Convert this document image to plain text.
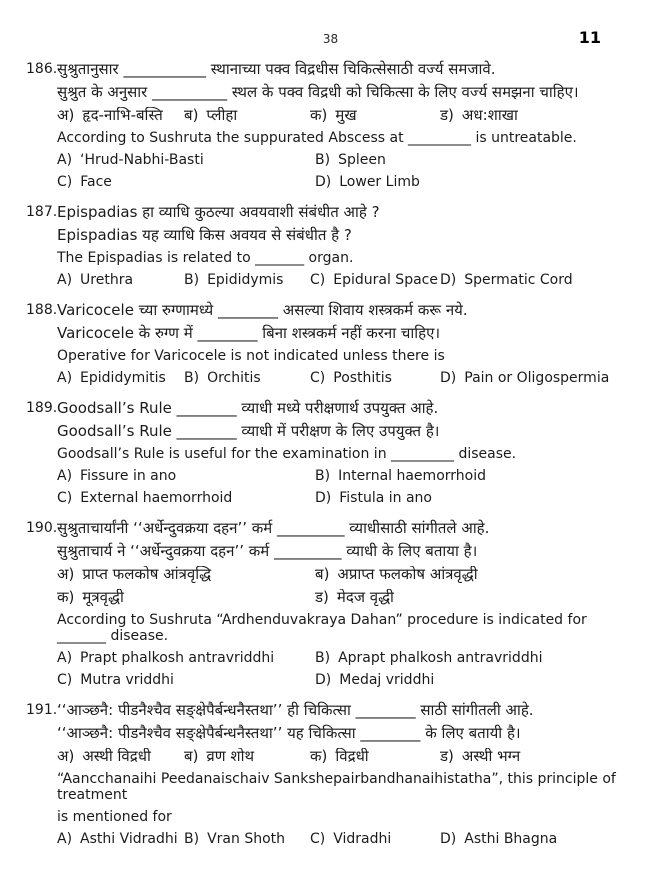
38	11
186. सुश्रुतानुसार ___________ स्थानाच्या पक्व विद्रधीस चिकित्सेसाठी वर्ज्य समजावे.
सुश्रुत के अनुसार __________ स्थल के पक्व विद्रधी को चिकित्सा के लिए वर्ज्य समझना चाहिए।
अ) हृद-नाभि-बस्ति ब) प्लीहा	क) मुख	ड) अध:शाखा
According to Sushruta the suppurated Abscess at _________ is untreatable.
A) ‘Hrud-Nabhi-Basti	B) Spleen
C) Face	D) Lower Limb
187. Epispadias हा व्याधि कुठल्या अवयवाशी संबंधीत आहे ?
Epispadias यह व्याधि किस अवयव से संबंधीत है ?
The Epispadias is related to _______ organ.
A) Urethra	B) Epididymis C) Epidural Space D) Spermatic Cord
188. Varicocele च्या रुग्णामध्ये ________ असल्या शिवाय शस्त्रकर्म करू नये.
Varicocele के रुग्ण में ________ बिना शस्त्रकर्म नहीं करना चाहिए।
Operative for Varicocele is not indicated unless there is
A) Epididymitis B) Orchitis	C) Posthitis	D) Pain or Oligospermia
189. Goodsall’s Rule ________ व्याधी मध्ये परीक्षणार्थ उपयुक्त आहे.
Goodsall’s Rule ________ व्याधी में परीक्षण के लिए उपयुक्त है।
Goodsall’s Rule is useful for the examination in _________ disease.
A) Fissure in ano	B) Internal haemorrhoid
C) External haemorrhoid	D) Fistula in ano
190. सुश्रुताचार्यांनी ‘‘अर्धेन्दुवक्रया दहन’’ कर्म _________ व्याधीसाठी सांगीतले आहे.
सुश्रुताचार्य ने ‘‘अर्धेन्दुवक्रया दहन’’ कर्म _________ व्याधी के लिए बताया है।
अ) प्राप्त फलकोष आंत्रवृद्धि	ब) अप्राप्त फलकोष आंत्रवृद्धी
क) मूत्रवृद्धी	ड) मेदज वृद्धी
According to Sushruta “Ardhenduvakraya Dahan” procedure is indicated for _______ disease.
A) Prapt phalkosh antravriddhi	B) Aprapt phalkosh antravriddhi
C) Mutra vriddhi	D) Medaj vriddhi
191. ‘‘आञ्छनै: पीडनैश्चैव सङ्क्षेपैर्बन्धनैस्तथा’’ ही चिकित्सा ________ साठी सांगीतली आहे.
‘‘आञ्छनै: पीडनैश्चैव सङ्क्षेपैर्बन्धनैस्तथा’’ यह चिकित्सा ________ के लिए बतायी है।
अ) अस्थी विद्रधी ब) व्रण शोथ	क) विद्रधी	ड) अस्थी भग्न
“Aancchanaihi Peedanaischaiv Sankshepairbandhanaihistatha”, this principle of treatment
is mentioned for
A) Asthi Vidradhi B) Vran Shoth C) Vidradhi	D) Asthi Bhagna
